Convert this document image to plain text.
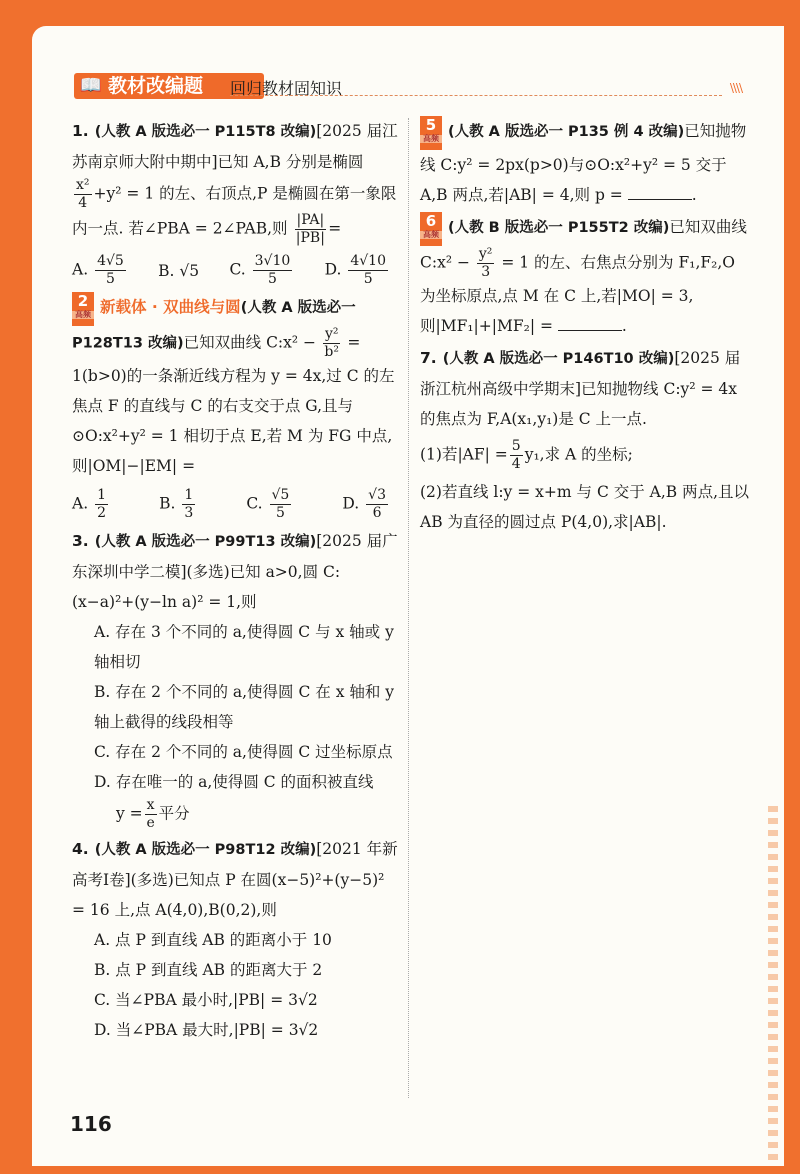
📖 教材改编题 回归教材固知识	\\\\
1. (人教 A 版选必一 P115T8 改编)[2025 届江苏南京师大附中期中]已知 A,B 分别是椭圆

$\frac{\text{x²}}{4} +y^2 = 1$ 的左、右顶点,P 是椭圆在第一象限内一点. 若∠PBA = 2∠PAB,则 $\frac{|PA|}{|PB|}$ =
A. $\frac{4√5}{5} B$. √5 C. $\frac{3√10}{5} D$. $\frac{4√10}{5}$
2
高频 新载体 · 双曲线与圆(人教 A 版选必一 P128T13 改编)已知双曲线 C:x² − $\frac{\text{y²}}{\text{b²}} = 1(b>0)$的一条渐近线方程为 y = 4x,过 C 的左焦点 F 的直线与 C 的右支交于点 G,且与⊙O:x²+y² = 1 相切于点 E,若 M 为 FG 中点,则|OM|−|EM| =
A. $\frac{1}{2}$	B. $\frac{1}{3}$	C. $\frac{√5}{5}$	D. $\frac{√3}{6}$
3. (人教 A 版选必一 P99T13 改编)[2025 届广东深圳中学二模](多选)已知 a>0,圆 C:(x−a)²+(y−ln a)² = 1,则
A. 存在 3 个不同的 a,使得圆 C 与 x 轴或 y 轴相切
B. 存在 2 个不同的 a,使得圆 C 在 x 轴和 y 轴上截得的线段相等
C. 存在 2 个不同的 a,使得圆 C 过坐标原点
D. 存在唯一的 a,使得圆 C 的面积被直线
$y = \frac{x}{e}$ 平分
4. (人教 A 版选必一 P98T12 改编)[2021 年新高考Ⅰ卷](多选)已知点 P 在圆(x−5)²+(y−5)² = 16 上,点 A(4,0),B(0,2),则
A. 点 P 到直线 AB 的距离小于 10
B. 点 P 到直线 AB 的距离大于 2
C. 当∠PBA 最小时,|PB| = 3√2
D. 当∠PBA 最大时,|PB| = 3√2
5
高频 (人教 A 版选必一 P135 例 4 改编)已知抛物线 C:y² = 2px(p>0)与⊙O:x²+y² = 5 交于 A,B 两点,若|AB| = 4,则 p =	.
6
高频 (人教 B 版选必一 P155T2 改编)已知双曲线 C:x² − $\frac{\text{y²}}{3} = 1$ 的左、右焦点分别为 F₁,F₂,O 为坐标原点,点 M 在 C 上,若|MO| = 3,则|MF₁|+|MF₂| =	.
7. (人教 A 版选必一 P146T10 改编)[2025 届浙江杭州高级中学期末]已知抛物线 C:y² = 4x 的焦点为 F,A(x₁,y₁)是 C 上一点.
(1)若$|AF| = \frac{5}{4} y_1$,求 A 的坐标;
(2)若直线 l:y = x+m 与 C 交于 A,B 两点,且以 AB 为直径的圆过点 P(4,0),求|AB|.
116
